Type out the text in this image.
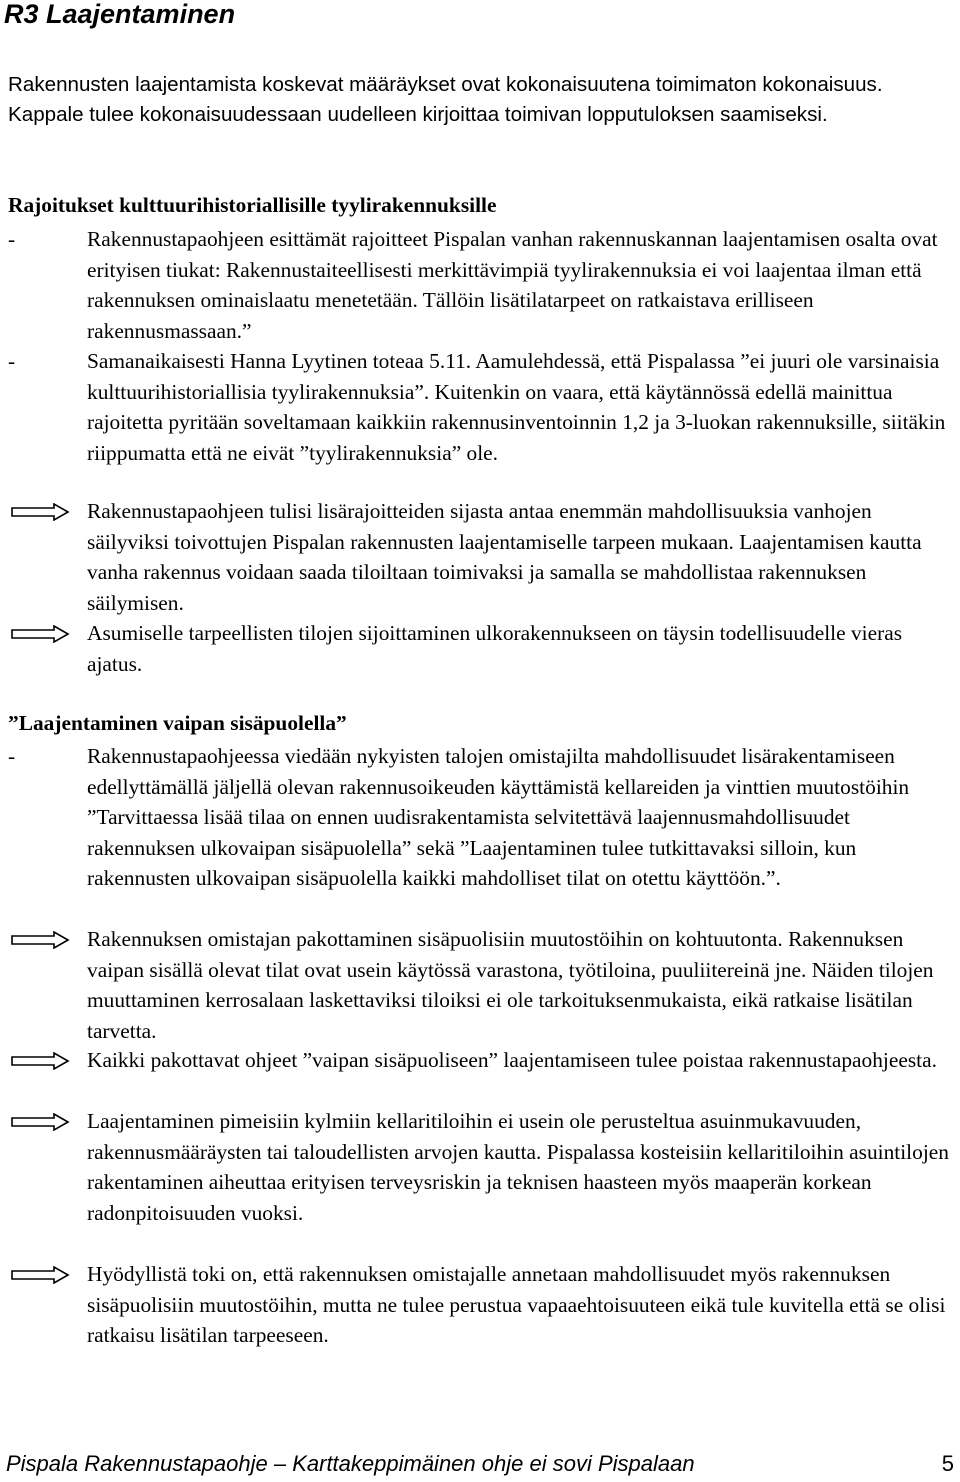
R3 Laajentaminen

Rakennusten laajentamista koskevat määräykset ovat kokonaisuutena toimimaton kokonaisuus. Kappale tulee kokonaisuudessaan uudelleen kirjoittaa toimivan lopputuloksen saamiseksi.

Rajoitukset kulttuurihistoriallisille tyylirakennuksille

-	Rakennustapaohjeen esittämät rajoitteet Pispalan vanhan rakennuskannan laajentamisen osalta ovat erityisen tiukat: Rakennustaiteellisesti merkittävimpiä tyylirakennuksia ei voi laajentaa ilman että rakennuksen ominaislaatu menetetään. Tällöin lisätilatarpeet on ratkaistava erilliseen rakennusmassaan.”
-	Samanaikaisesti Hanna Lyytinen toteaa 5.11. Aamulehdessä, että Pispalassa ”ei juuri ole varsinaisia kulttuurihistoriallisia tyylirakennuksia”. Kuitenkin on vaara, että käytännössä edellä mainittua rajoitetta pyritään soveltamaan kaikkiin rakennusinventoinnin 1,2 ja 3-luokan rakennuksille, siitäkin riippumatta että ne eivät ”tyylirakennuksia” ole.
Rakennustapaohjeen tulisi lisärajoitteiden sijasta antaa enemmän mahdollisuuksia vanhojen säilyviksi toivottujen Pispalan rakennusten laajentamiselle tarpeen mukaan. Laajentamisen kautta vanha rakennus voidaan saada tiloiltaan toimivaksi ja samalla se mahdollistaa rakennuksen säilymisen.
Asumiselle tarpeellisten tilojen sijoittaminen ulkorakennukseen on täysin todellisuudelle vieras ajatus.

”Laajentaminen vaipan sisäpuolella”

-	Rakennustapaohjeessa viedään nykyisten talojen omistajilta mahdollisuudet lisärakentamiseen edellyttämällä jäljellä olevan rakennusoikeuden käyttämistä kellareiden ja vinttien muutostöihin ”Tarvittaessa lisää tilaa on ennen uudisrakentamista selvitettävä laajennusmahdollisuudet rakennuksen ulkovaipan sisäpuolella” sekä ”Laajentaminen tulee tutkittavaksi silloin, kun rakennusten ulkovaipan sisäpuolella kaikki mahdolliset tilat on otettu käyttöön.”.
Rakennuksen omistajan pakottaminen sisäpuolisiin muutostöihin on kohtuutonta. Rakennuksen vaipan sisällä olevat tilat ovat usein käytössä varastona, työtiloina, puuliitereinä jne. Näiden tilojen muuttaminen kerrosalaan laskettaviksi tiloiksi ei ole tarkoituksenmukaista, eikä ratkaise lisätilan tarvetta.
Kaikki pakottavat ohjeet ”vaipan sisäpuoliseen” laajentamiseen tulee poistaa rakennustapaohjeesta.
Laajentaminen pimeisiin kylmiin kellaritiloihin ei usein ole perusteltua asuinmukavuuden, rakennusmääräysten tai taloudellisten arvojen kautta. Pispalassa kosteisiin kellaritiloihin asuintilojen rakentaminen aiheuttaa erityisen terveysriskin ja teknisen haasteen myös maaperän korkean radonpitoisuuden vuoksi.
Hyödyllistä toki on, että rakennuksen omistajalle annetaan mahdollisuudet myös rakennuksen sisäpuolisiin muutostöihin, mutta ne tulee perustua vapaaehtoisuuteen eikä tule kuvitella että se olisi ratkaisu lisätilan tarpeeseen.
Pispala Rakennustapaohje – Karttakeppimäinen ohje ei sovi Pispalaan	5
